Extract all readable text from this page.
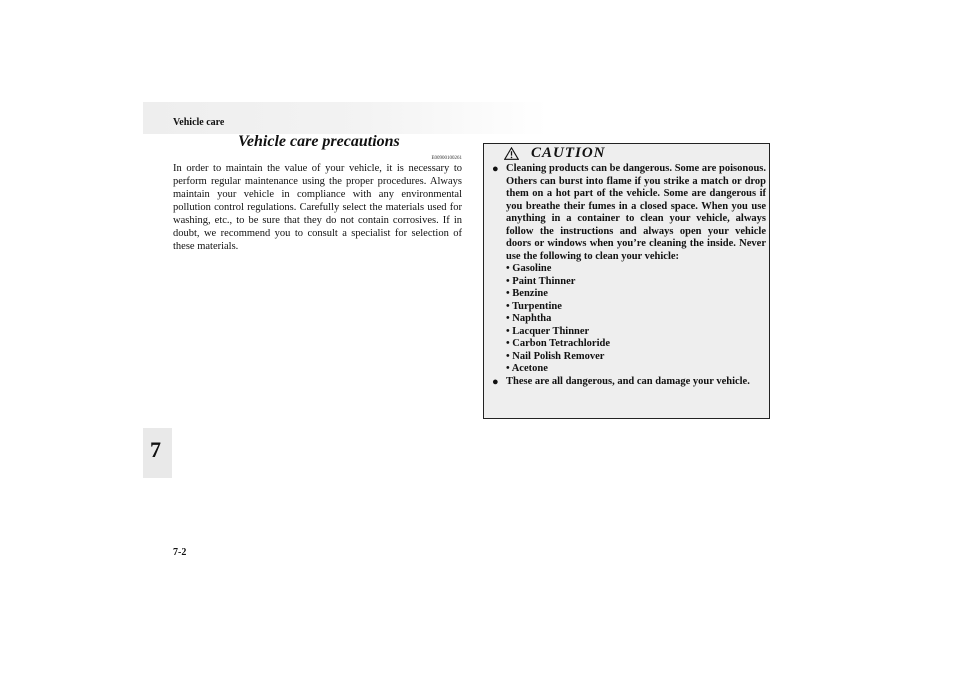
Vehicle care
7
Vehicle care precautions
E00900100261

In order to maintain the value of your vehicle, it is necessary to perform regular maintenance using the proper procedures. Always maintain your vehicle in compliance with any environmental pollution control regulations. Carefully select the materials used for washing, etc., to be sure that they do not contain corrosives. If in doubt, we recommend you to consult a specialist for selection of these materials.

CAUTION
● Cleaning products can be dangerous. Some are poisonous. Others can burst into flame if you strike a match or drop them on a hot part of the vehicle. Some are dangerous if you breathe their fumes in a closed space. When you use anything in a container to clean your vehicle, always follow the instructions and always open your vehicle doors or windows when you’re cleaning the inside. Never use the following to clean your vehicle:
• Gasoline
• Paint Thinner
• Benzine
• Turpentine
• Naphtha
• Lacquer Thinner
• Carbon Tetrachloride
• Nail Polish Remover
• Acetone
● These are all dangerous, and can damage your vehicle.
7-2
